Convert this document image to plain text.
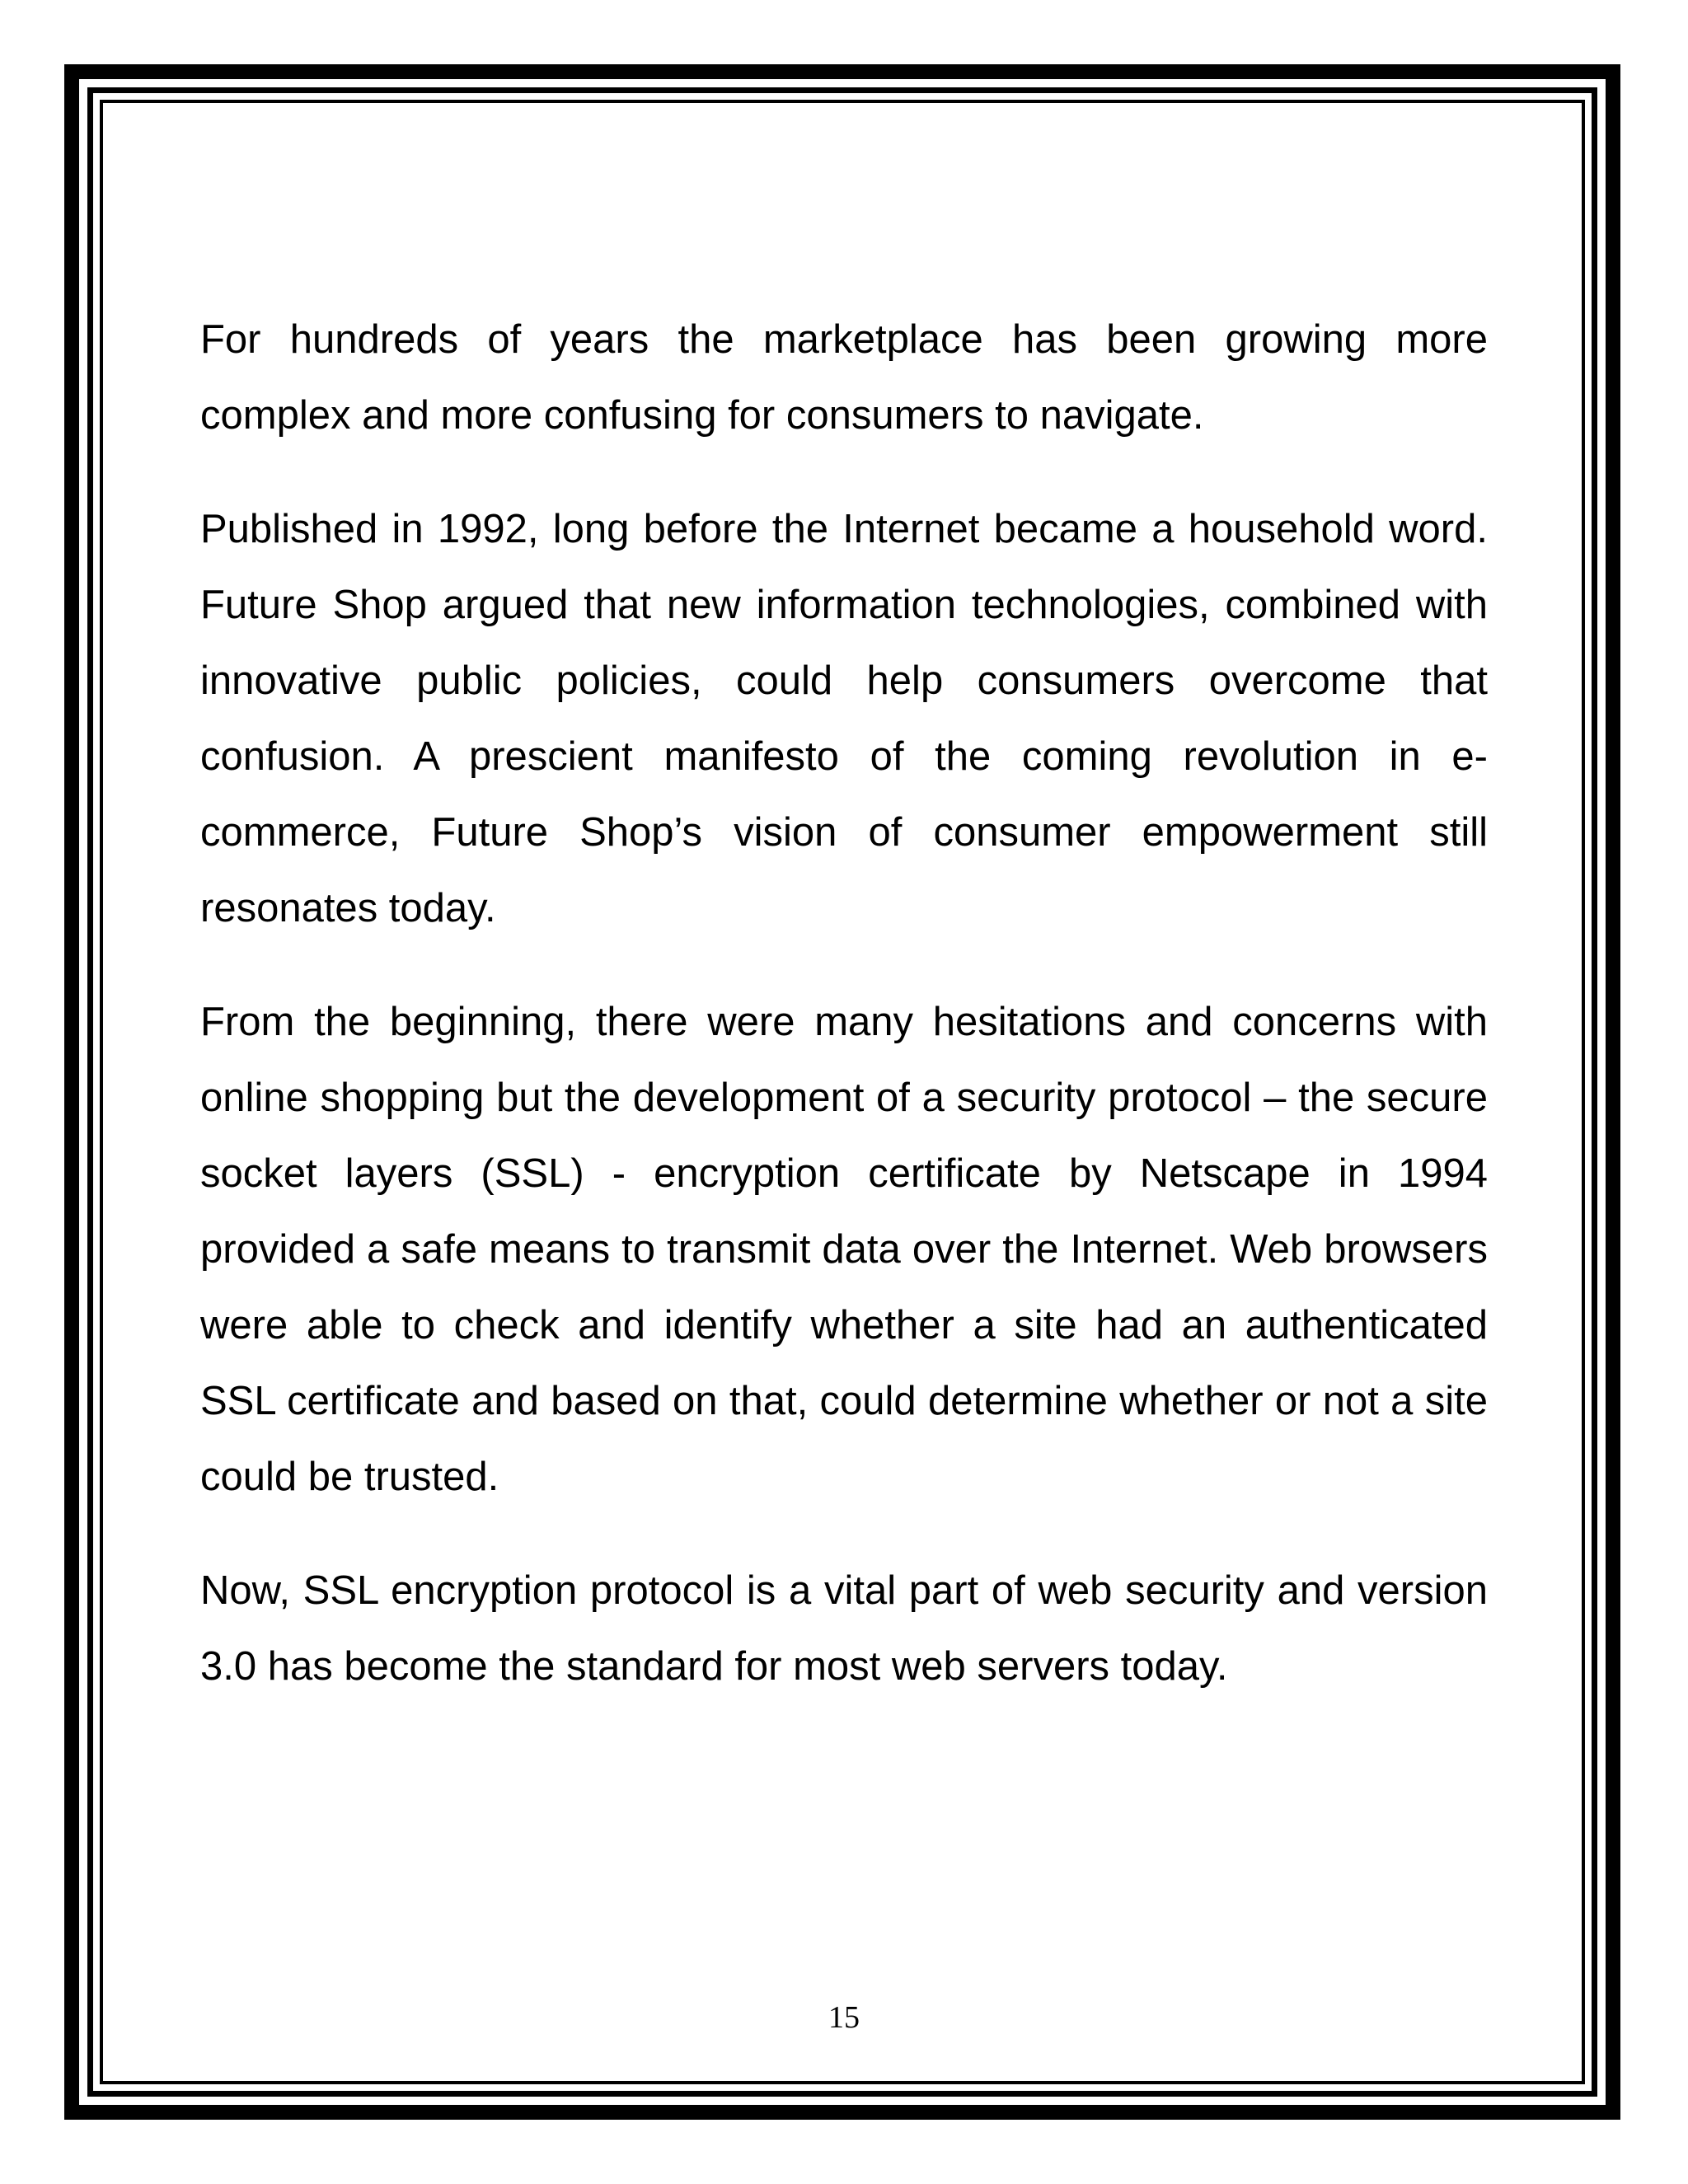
For hundreds of years the marketplace has been growing more complex and more confusing for consumers to navigate.

Published in 1992, long before the Internet became a household word. Future Shop argued that new information technologies, combined with innovative public policies, could help consumers overcome that confusion. A prescient manifesto of the coming revolution in e-commerce, Future Shop’s vision of consumer empowerment still resonates today.

From the beginning, there were many hesitations and concerns with online shopping but the development of a security protocol – the secure socket layers (SSL) - encryption certificate by Netscape in 1994 provided a safe means to transmit data over the Internet. Web browsers were able to check and identify whether a site had an authenticated SSL certificate and based on that, could determine whether or not a site could be trusted.

Now, SSL encryption protocol is a vital part of web security and version 3.0 has become the standard for most web servers today.

15
